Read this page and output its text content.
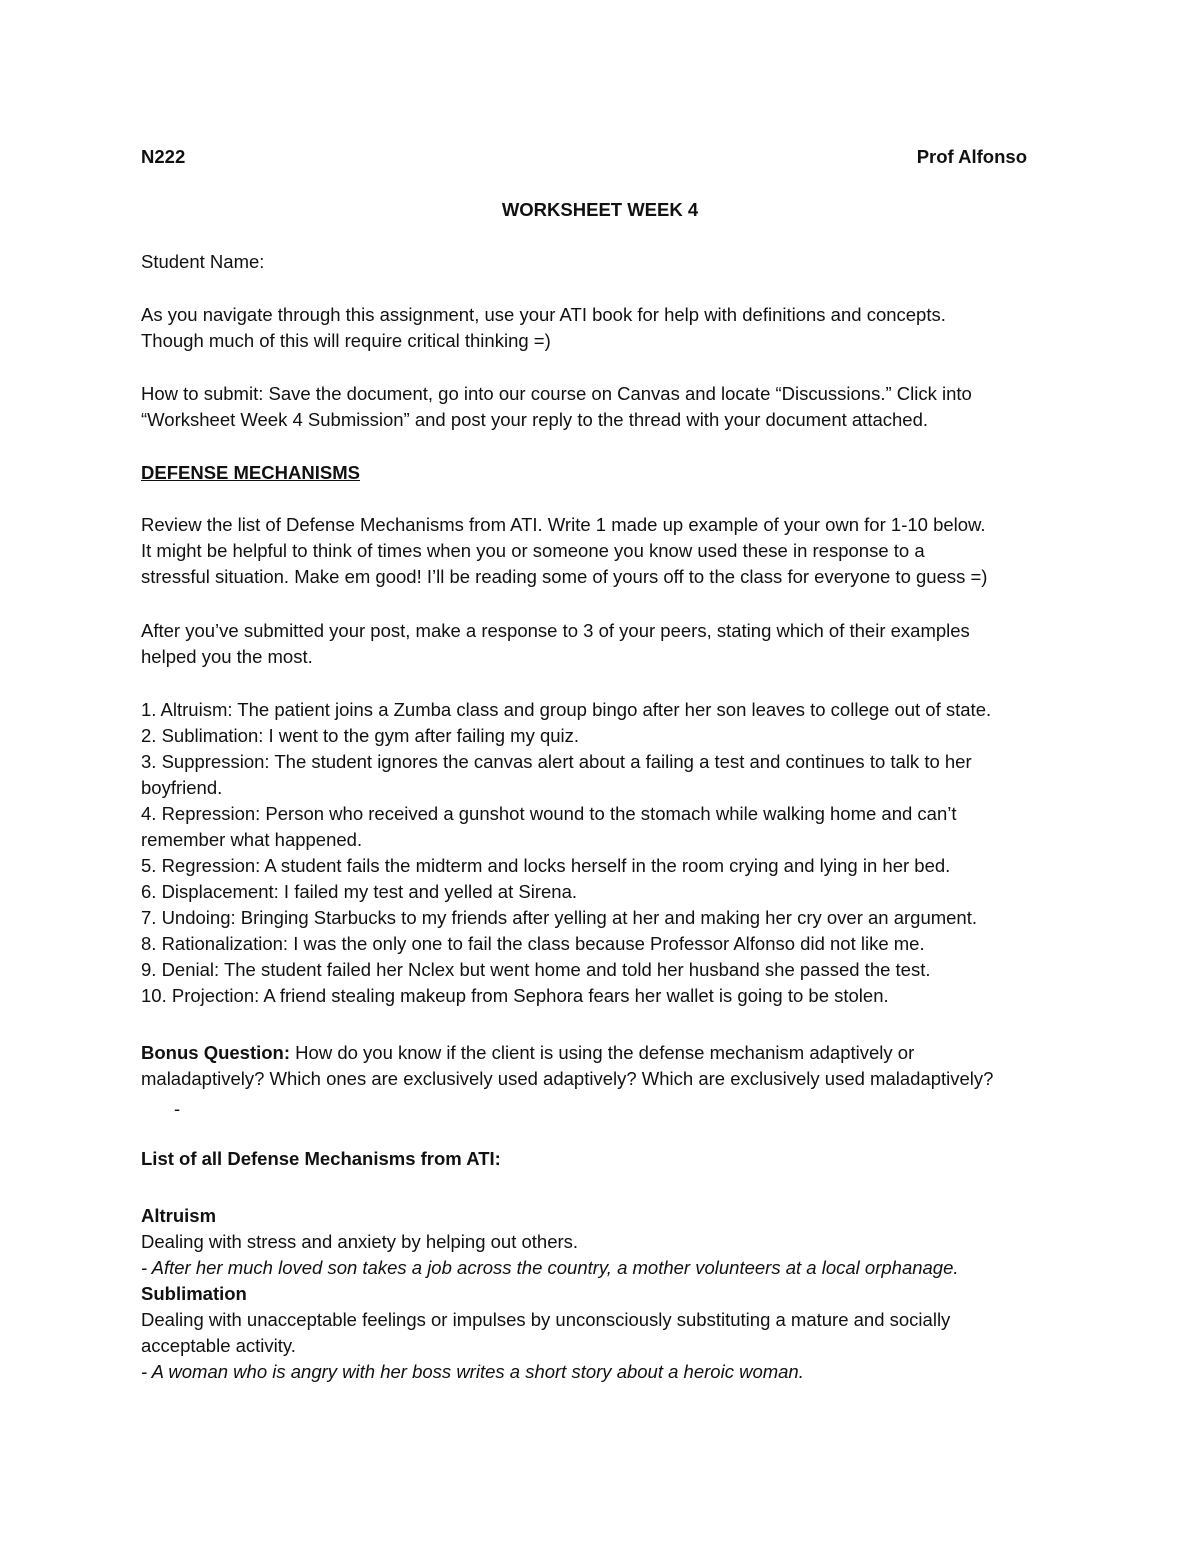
N222	Prof Alfonso
WORKSHEET WEEK 4
Student Name:
As you navigate through this assignment, use your ATI book for help with definitions and concepts.
Though much of this will require critical thinking =)
How to submit: Save the document, go into our course on Canvas and locate “Discussions.” Click into
“Worksheet Week 4 Submission” and post your reply to the thread with your document attached.
DEFENSE MECHANISMS
Review the list of Defense Mechanisms from ATI. Write 1 made up example of your own for 1-10 below.
It might be helpful to think of times when you or someone you know used these in response to a
stressful situation. Make em good! I’ll be reading some of yours off to the class for everyone to guess =)
After you’ve submitted your post, make a response to 3 of your peers, stating which of their examples
helped you the most.
1. Altruism: The patient joins a Zumba class and group bingo after her son leaves to college out of state.
2. Sublimation: I went to the gym after failing my quiz.
3. Suppression: The student ignores the canvas alert about a failing a test and continues to talk to her
boyfriend.
4. Repression: Person who received a gunshot wound to the stomach while walking home and can’t
remember what happened.
5. Regression: A student fails the midterm and locks herself in the room crying and lying in her bed.
6. Displacement: I failed my test and yelled at Sirena.
7. Undoing: Bringing Starbucks to my friends after yelling at her and making her cry over an argument.
8. Rationalization: I was the only one to fail the class because Professor Alfonso did not like me.
9. Denial: The student failed her Nclex but went home and told her husband she passed the test.
10. Projection: A friend stealing makeup from Sephora fears her wallet is going to be stolen.
Bonus Question: How do you know if the client is using the defense mechanism adaptively or
maladaptively? Which ones are exclusively used adaptively? Which are exclusively used maladaptively?
-
List of all Defense Mechanisms from ATI:
Altruism
Dealing with stress and anxiety by helping out others.
- After her much loved son takes a job across the country, a mother volunteers at a local orphanage.
Sublimation
Dealing with unacceptable feelings or impulses by unconsciously substituting a mature and socially
acceptable activity.
- A woman who is angry with her boss writes a short story about a heroic woman.
